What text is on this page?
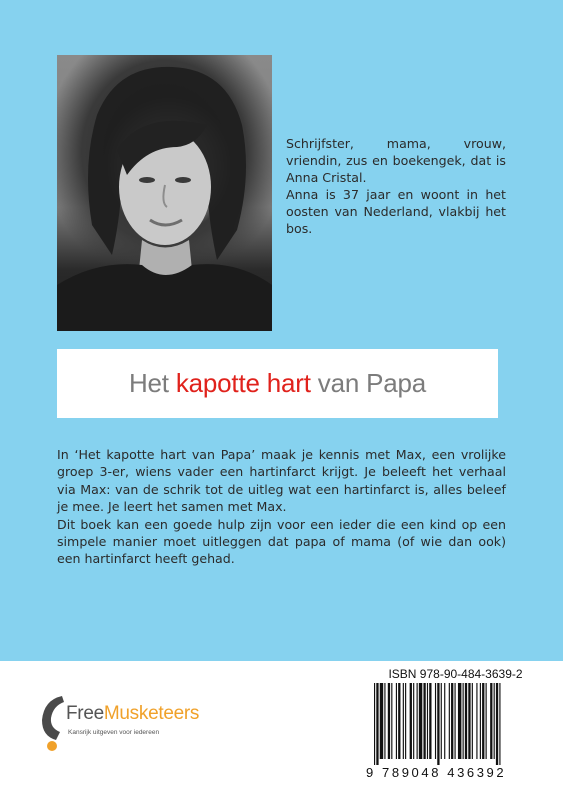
Schrijfster, mama, vrouw, vriendin, zus en boekengek, dat is Anna Cristal.

Anna is 37 jaar en woont in het oosten van Nederland, vlakbij het bos.

Het kapotte hart van Papa

In ‘Het kapotte hart van Papa’ maak je kennis met Max, een vrolijke groep 3-er, wiens vader een hartinfarct krijgt. Je beleeft het verhaal via Max: van de schrik tot de uitleg wat een hartinfarct is, alles beleef je mee. Je leert het samen met Max.

Dit boek kan een goede hulp zijn voor een ieder die een kind op een simpele manier moet uitleggen dat papa of mama (of wie dan ook) een hartinfarct heeft gehad.

FreeMusketeers
Kansrijk uitgeven voor iedereen
ISBN 978-90-484-3639-2
9 789048 436392
